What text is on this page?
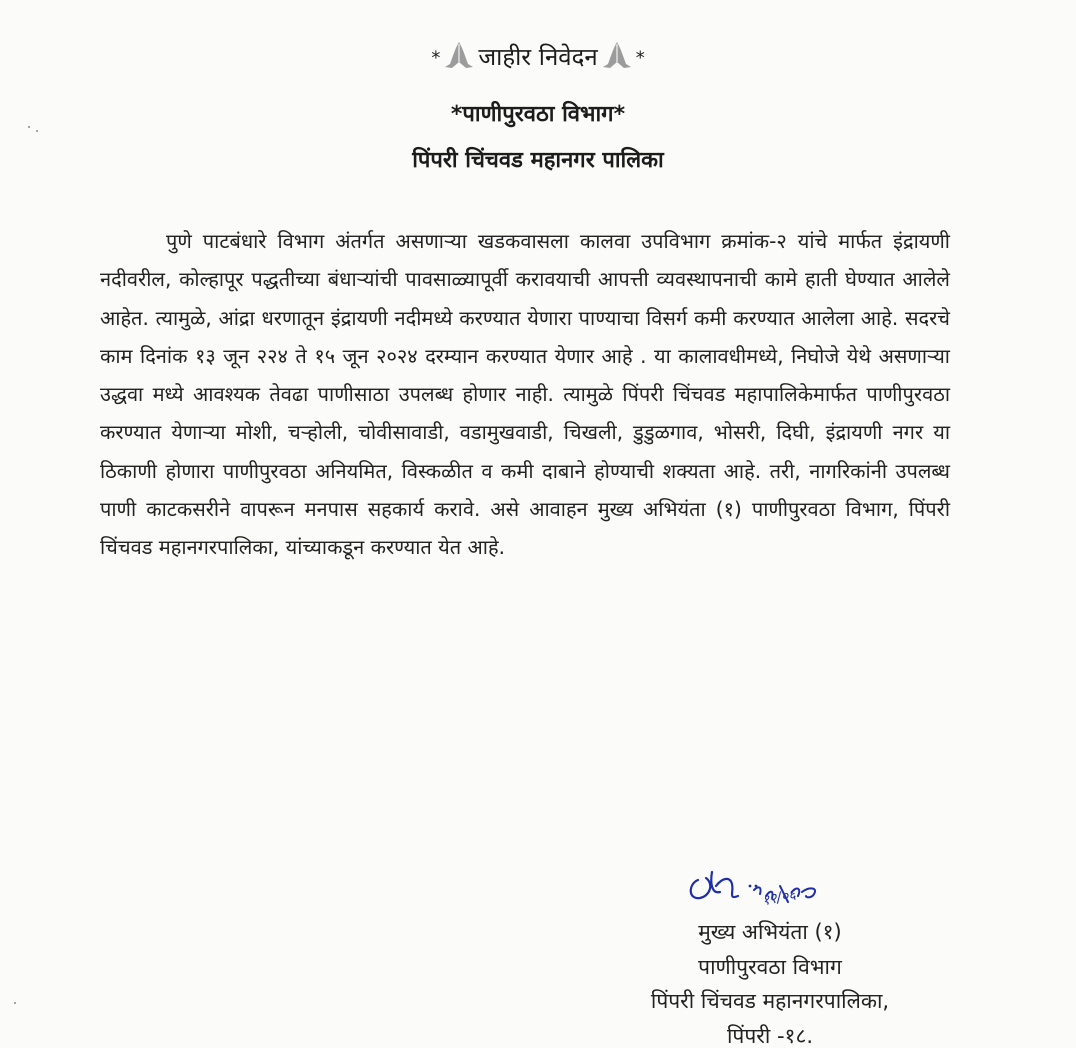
* जाहीर निवेदन *
*पाणीपुरवठा विभाग*
पिंपरी चिंचवड महानगर पालिका

पुणे पाटबंधारे विभाग अंतर्गत असणाऱ्या खडकवासला कालवा उपविभाग क्रमांक-२ यांचे मार्फत इंद्रायणी नदीवरील, कोल्हापूर पद्धतीच्या बंधाऱ्यांची पावसाळ्यापूर्वी करावयाची आपत्ती व्यवस्थापनाची कामे हाती घेण्यात आलेले आहेत. त्यामुळे, आंद्रा धरणातून इंद्रायणी नदीमध्ये करण्यात येणारा पाण्याचा विसर्ग कमी करण्यात आलेला आहे. सदरचे काम दिनांक १३ जून २२४ ते १५ जून २०२४ दरम्यान करण्यात येणार आहे . या कालावधीमध्ये, निघोजे येथे असणाऱ्या उद्धवा मध्ये आवश्यक तेवढा पाणीसाठा उपलब्ध होणार नाही. त्यामुळे पिंपरी चिंचवड महापालिकेमार्फत पाणीपुरवठा करण्यात येणाऱ्या मोशी, चऱ्होली, चोवीसावाडी, वडामुखवाडी, चिखली, डुडुळगाव, भोसरी, दिघी, इंद्रायणी नगर या ठिकाणी होणारा पाणीपुरवठा अनियमित, विस्कळीत व कमी दाबाने होण्याची शक्यता आहे. तरी, नागरिकांनी उपलब्ध पाणी काटकसरीने वापरून मनपास सहकार्य करावे. असे आवाहन मुख्य अभियंता (१) पाणीपुरवठा विभाग, पिंपरी चिंचवड महानगरपालिका, यांच्याकडून करण्यात येत आहे.

१२/०६
मुख्य अभियंता (१)
पाणीपुरवठा विभाग
पिंपरी चिंचवड महानगरपालिका,
पिंपरी -१८.
